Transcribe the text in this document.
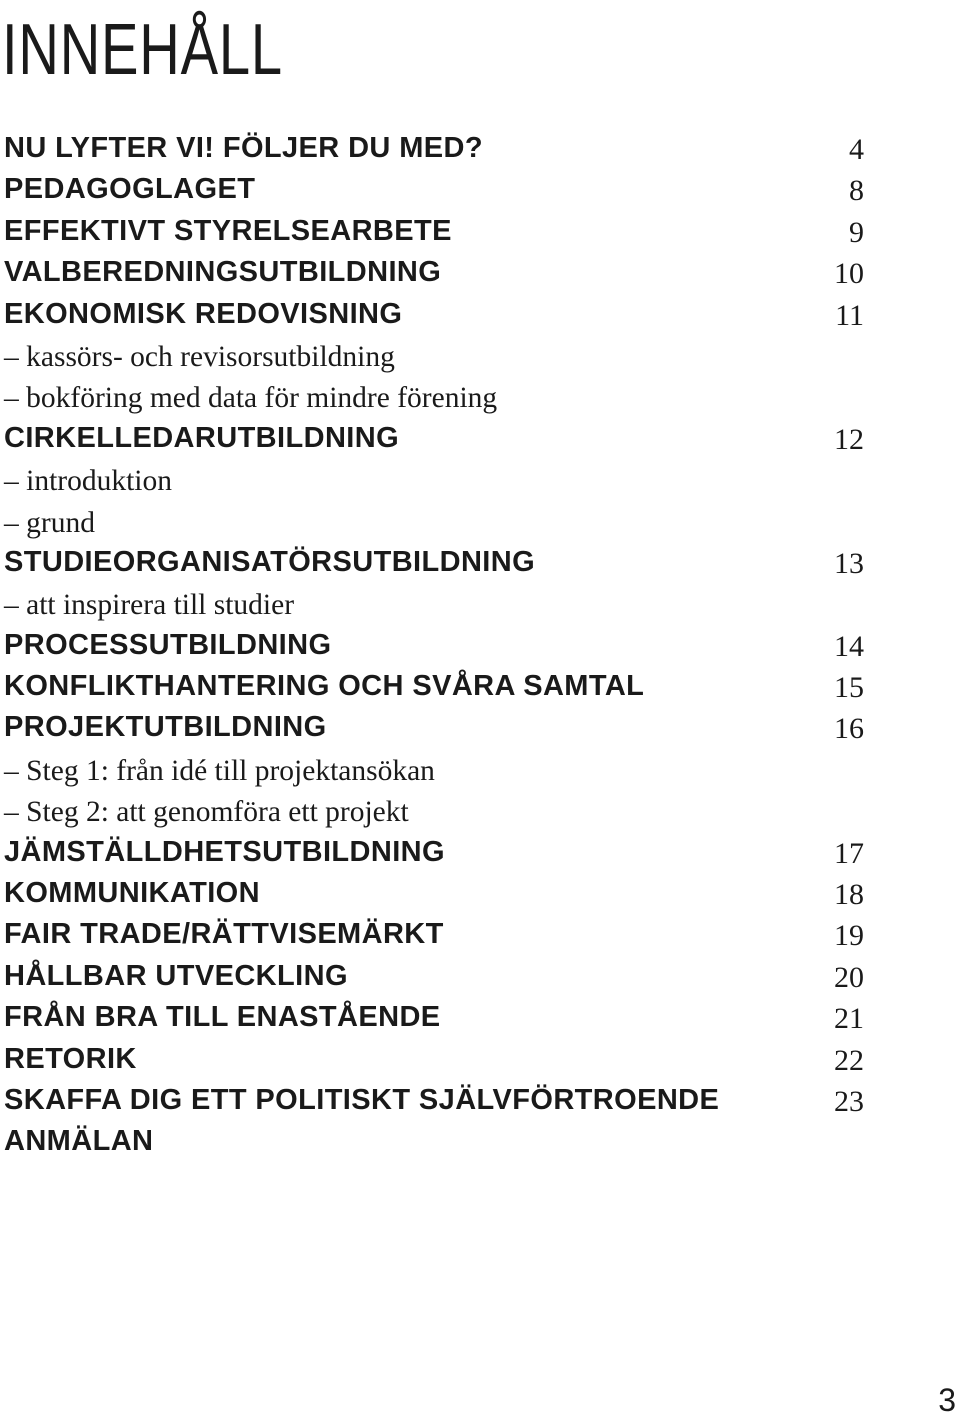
INNEHÅLL
NU LYFTER VI! FÖLJER DU MED?	4
PEDAGOGLAGET	8
EFFEKTIVT STYRELSEARBETE	9
VALBEREDNINGSUTBILDNING	10
EKONOMISK REDOVISNING	11
– kassörs- och revisorsutbildning
– bokföring med data för mindre förening
CIRKELLEDARUTBILDNING	12
– introduktion
– grund
STUDIEORGANISATÖRSUTBILDNING	13
– att inspirera till studier
PROCESSUTBILDNING	14
KONFLIKTHANTERING OCH SVÅRA SAMTAL	15
PROJEKTUTBILDNING	16
– Steg 1: från idé till projektansökan
– Steg 2: att genomföra ett projekt
JÄMSTÄLLDHETSUTBILDNING	17
KOMMUNIKATION	18
FAIR TRADE/RÄTTVISEMÄRKT	19
HÅLLBAR UTVECKLING	20
FRÅN BRA TILL ENASTÅENDE	21
RETORIK	22
SKAFFA DIG ETT POLITISKT SJÄLVFÖRTROENDE	23
ANMÄLAN
3
